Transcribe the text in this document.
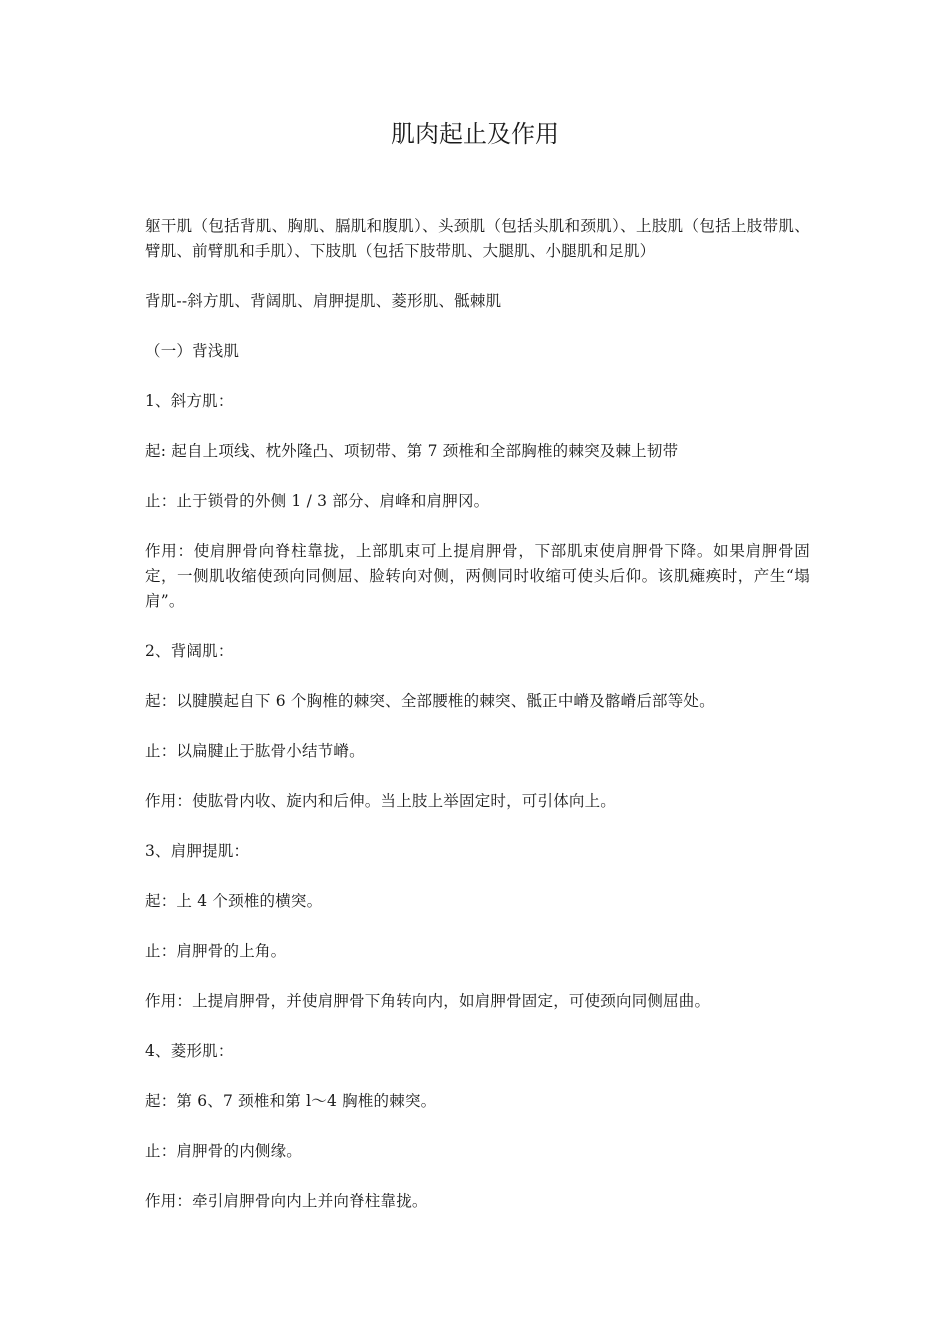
肌肉起止及作用

躯干肌（包括背肌、胸肌、膈肌和腹肌）、头颈肌（包括头肌和颈肌）、上肢肌（包括上肢带肌、臂肌、前臂肌和手肌）、下肢肌（包括下肢带肌、大腿肌、小腿肌和足肌）

背肌--斜方肌、背阔肌、肩胛提肌、菱形肌、骶棘肌

（一）背浅肌

1、斜方肌：

起: 起自上项线、枕外隆凸、项韧带、第 7 颈椎和全部胸椎的棘突及棘上韧带

止：止于锁骨的外侧 1 / 3 部分、肩峰和肩胛冈。

作用：使肩胛骨向脊柱靠拢，上部肌束可上提肩胛骨，下部肌束使肩胛骨下降。如果肩胛骨固定，一侧肌收缩使颈向同侧屈、脸转向对侧，两侧同时收缩可使头后仰。该肌瘫痪时，产生“塌肩”。

2、背阔肌：

起：以腱膜起自下 6 个胸椎的棘突、全部腰椎的棘突、骶正中嵴及髂嵴后部等处。

止：以扁腱止于肱骨小结节嵴。

作用：使肱骨内收、旋内和后伸。当上肢上举固定时，可引体向上。

3、肩胛提肌：

起：上 4 个颈椎的横突。

止：肩胛骨的上角。

作用：上提肩胛骨，并使肩胛骨下角转向内，如肩胛骨固定，可使颈向同侧屈曲。

4、菱形肌：

起：第 6、7 颈椎和第 l～4 胸椎的棘突。

止：肩胛骨的内侧缘。

作用：牵引肩胛骨向内上并向脊柱靠拢。
